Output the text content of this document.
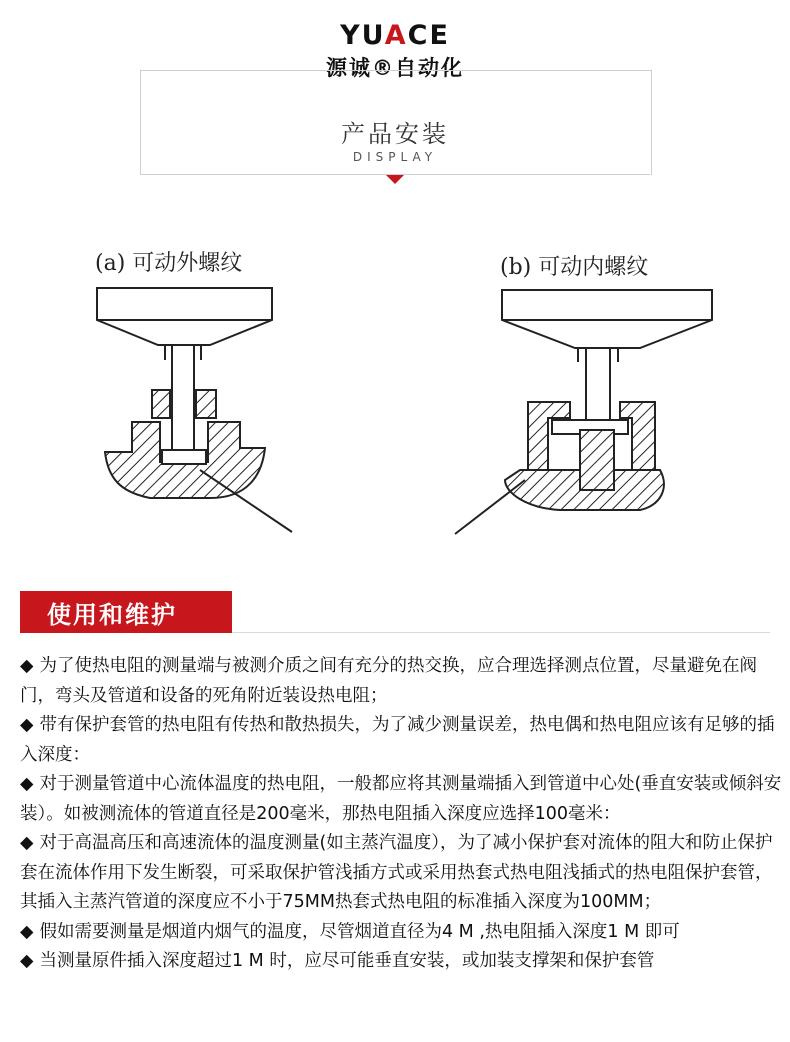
YUACE
源诚®自动化
产品安装
DISPLAY
(a) 可动外螺纹	(b) 可动内螺纹
使用和维护

◆ 为了使热电阻的测量端与被测介质之间有充分的热交换，应合理选择测点位置，尽量避免在阀门，弯头及管道和设备的死角附近装设热电阻；

◆ 带有保护套管的热电阻有传热和散热损失，为了减少测量误差，热电偶和热电阻应该有足够的插入深度：

◆ 对于测量管道中心流体温度的热电阻，一般都应将其测量端插入到管道中心处(垂直安装或倾斜安装）。如被测流体的管道直径是200毫米，那热电阻插入深度应选择100毫米：

◆ 对于高温高压和高速流体的温度测量(如主蒸汽温度），为了减小保护套对流体的阻大和防止保护套在流体作用下发生断裂，可采取保护管浅插方式或采用热套式热电阻浅插式的热电阻保护套管，其插入主蒸汽管道的深度应不小于75MM热套式热电阻的标准插入深度为100MM；

◆ 假如需要测量是烟道内烟气的温度，尽管烟道直径为4 M ,热电阻插入深度1 M 即可

◆ 当测量原件插入深度超过1 M 时，应尽可能垂直安装，或加装支撑架和保护套管
